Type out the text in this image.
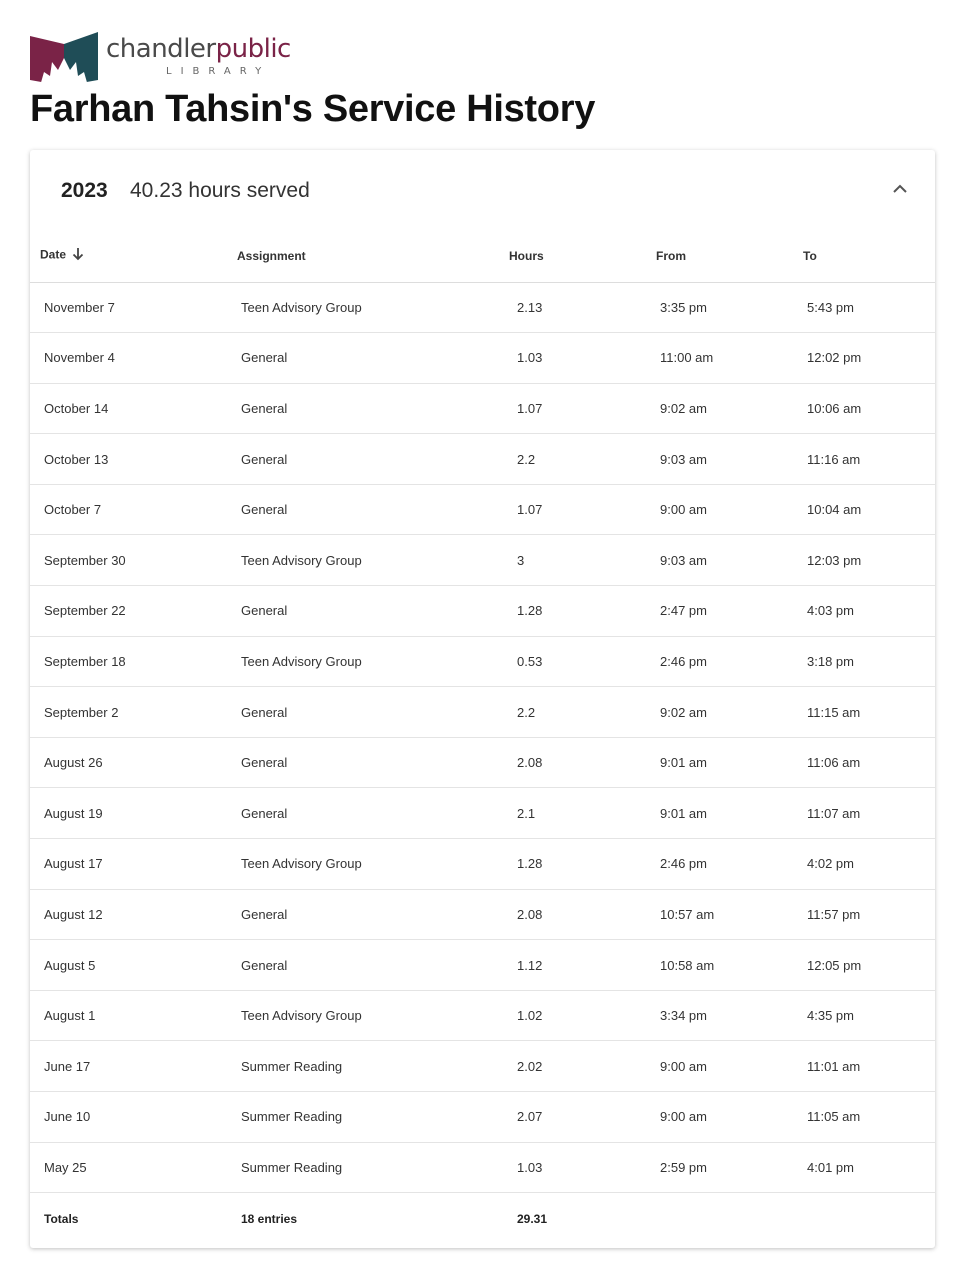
chandlerpublic
LIBRARY
Farhan Tahsin's Service History
2023 40.23 hours served
Date	Assignment	Hours	From	To
November 7	Teen Advisory Group	2.13	3:35 pm	5:43 pm
November 4	General	1.03	11:00 am	12:02 pm
October 14	General	1.07	9:02 am	10:06 am
October 13	General	2.2	9:03 am	11:16 am
October 7	General	1.07	9:00 am	10:04 am
September 30	Teen Advisory Group	3	9:03 am	12:03 pm
September 22	General	1.28	2:47 pm	4:03 pm
September 18	Teen Advisory Group	0.53	2:46 pm	3:18 pm
September 2	General	2.2	9:02 am	11:15 am
August 26	General	2.08	9:01 am	11:06 am
August 19	General	2.1	9:01 am	11:07 am
August 17	Teen Advisory Group	1.28	2:46 pm	4:02 pm
August 12	General	2.08	10:57 am	11:57 pm
August 5	General	1.12	10:58 am	12:05 pm
August 1	Teen Advisory Group	1.02	3:34 pm	4:35 pm
June 17	Summer Reading	2.02	9:00 am	11:01 am
June 10	Summer Reading	2.07	9:00 am	11:05 am
May 25	Summer Reading	1.03	2:59 pm	4:01 pm
Totals	18 entries	29.31		
